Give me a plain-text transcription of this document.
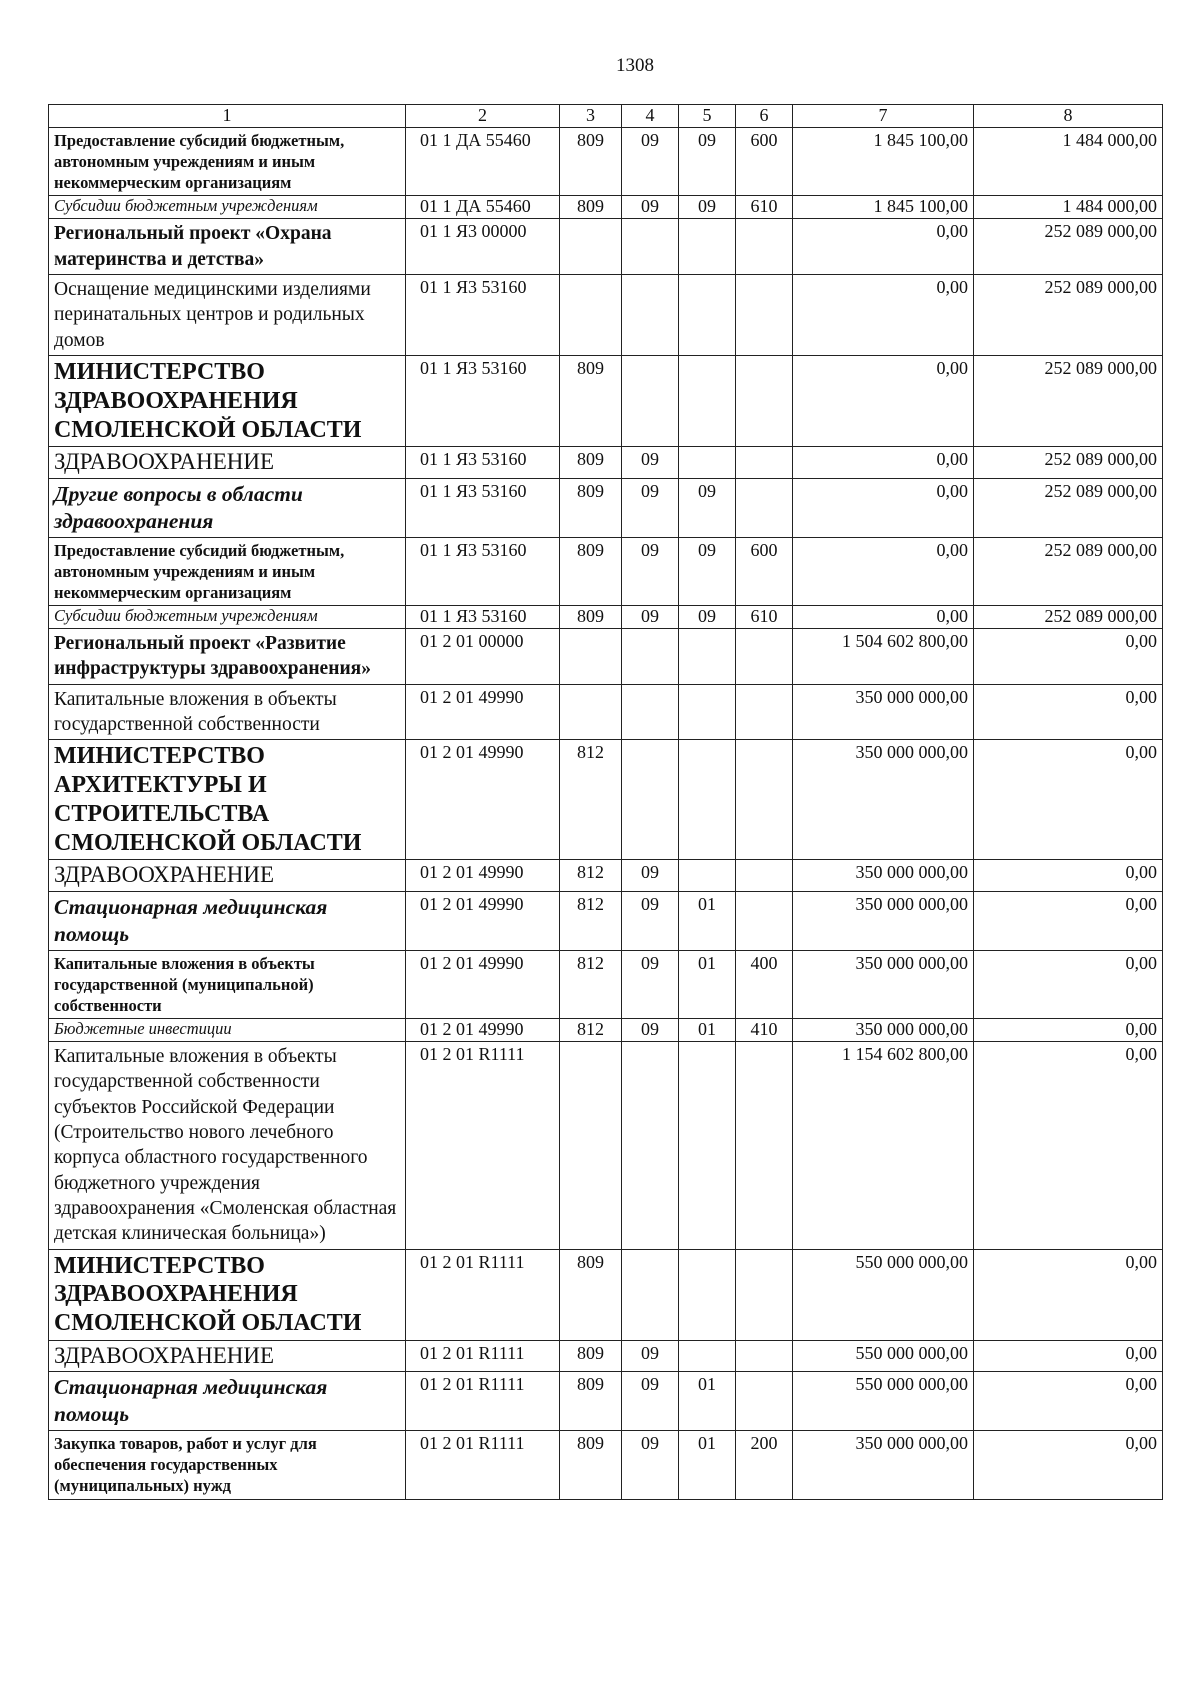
1308
1	2	3	4	5	6	7	8
Предоставление субсидий бюджетным, автономным учреждениям и иным некоммерческим организациям	01 1 ДА 55460	809	09	09	600	1 845 100,00	1 484 000,00
Субсидии бюджетным учреждениям	01 1 ДА 55460	809	09	09	610	1 845 100,00	1 484 000,00
Региональный проект «Охрана материнства и детства»	01 1 Я3 00000					0,00	252 089 000,00
Оснащение медицинскими изделиями перинатальных центров и родильных домов	01 1 Я3 53160					0,00	252 089 000,00
МИНИСТЕРСТВО ЗДРАВООХРАНЕНИЯ СМОЛЕНСКОЙ ОБЛАСТИ	01 1 Я3 53160	809				0,00	252 089 000,00
ЗДРАВООХРАНЕНИЕ	01 1 Я3 53160	809	09			0,00	252 089 000,00
Другие вопросы в области здравоохранения	01 1 Я3 53160	809	09	09		0,00	252 089 000,00
Предоставление субсидий бюджетным, автономным учреждениям и иным некоммерческим организациям	01 1 Я3 53160	809	09	09	600	0,00	252 089 000,00
Субсидии бюджетным учреждениям	01 1 Я3 53160	809	09	09	610	0,00	252 089 000,00
Региональный проект «Развитие инфраструктуры здравоохранения»	01 2 01 00000					1 504 602 800,00	0,00
Капитальные вложения в объекты государственной собственности	01 2 01 49990					350 000 000,00	0,00
МИНИСТЕРСТВО АРХИТЕКТУРЫ И СТРОИТЕЛЬСТВА СМОЛЕНСКОЙ ОБЛАСТИ	01 2 01 49990	812				350 000 000,00	0,00
ЗДРАВООХРАНЕНИЕ	01 2 01 49990	812	09			350 000 000,00	0,00
Стационарная медицинская помощь	01 2 01 49990	812	09	01		350 000 000,00	0,00
Капитальные вложения в объекты государственной (муниципальной) собственности	01 2 01 49990	812	09	01	400	350 000 000,00	0,00
Бюджетные инвестиции	01 2 01 49990	812	09	01	410	350 000 000,00	0,00
Капитальные вложения в объекты государственной собственности субъектов Российской Федерации (Строительство нового лечебного корпуса областного государственного бюджетного учреждения здравоохранения «Смоленская областная детская клиническая больница»)	01 2 01 R1111					1 154 602 800,00	0,00
МИНИСТЕРСТВО ЗДРАВООХРАНЕНИЯ СМОЛЕНСКОЙ ОБЛАСТИ	01 2 01 R1111	809				550 000 000,00	0,00
ЗДРАВООХРАНЕНИЕ	01 2 01 R1111	809	09			550 000 000,00	0,00
Стационарная медицинская помощь	01 2 01 R1111	809	09	01		550 000 000,00	0,00
Закупка товаров, работ и услуг для обеспечения государственных (муниципальных) нужд	01 2 01 R1111	809	09	01	200	350 000 000,00	0,00
